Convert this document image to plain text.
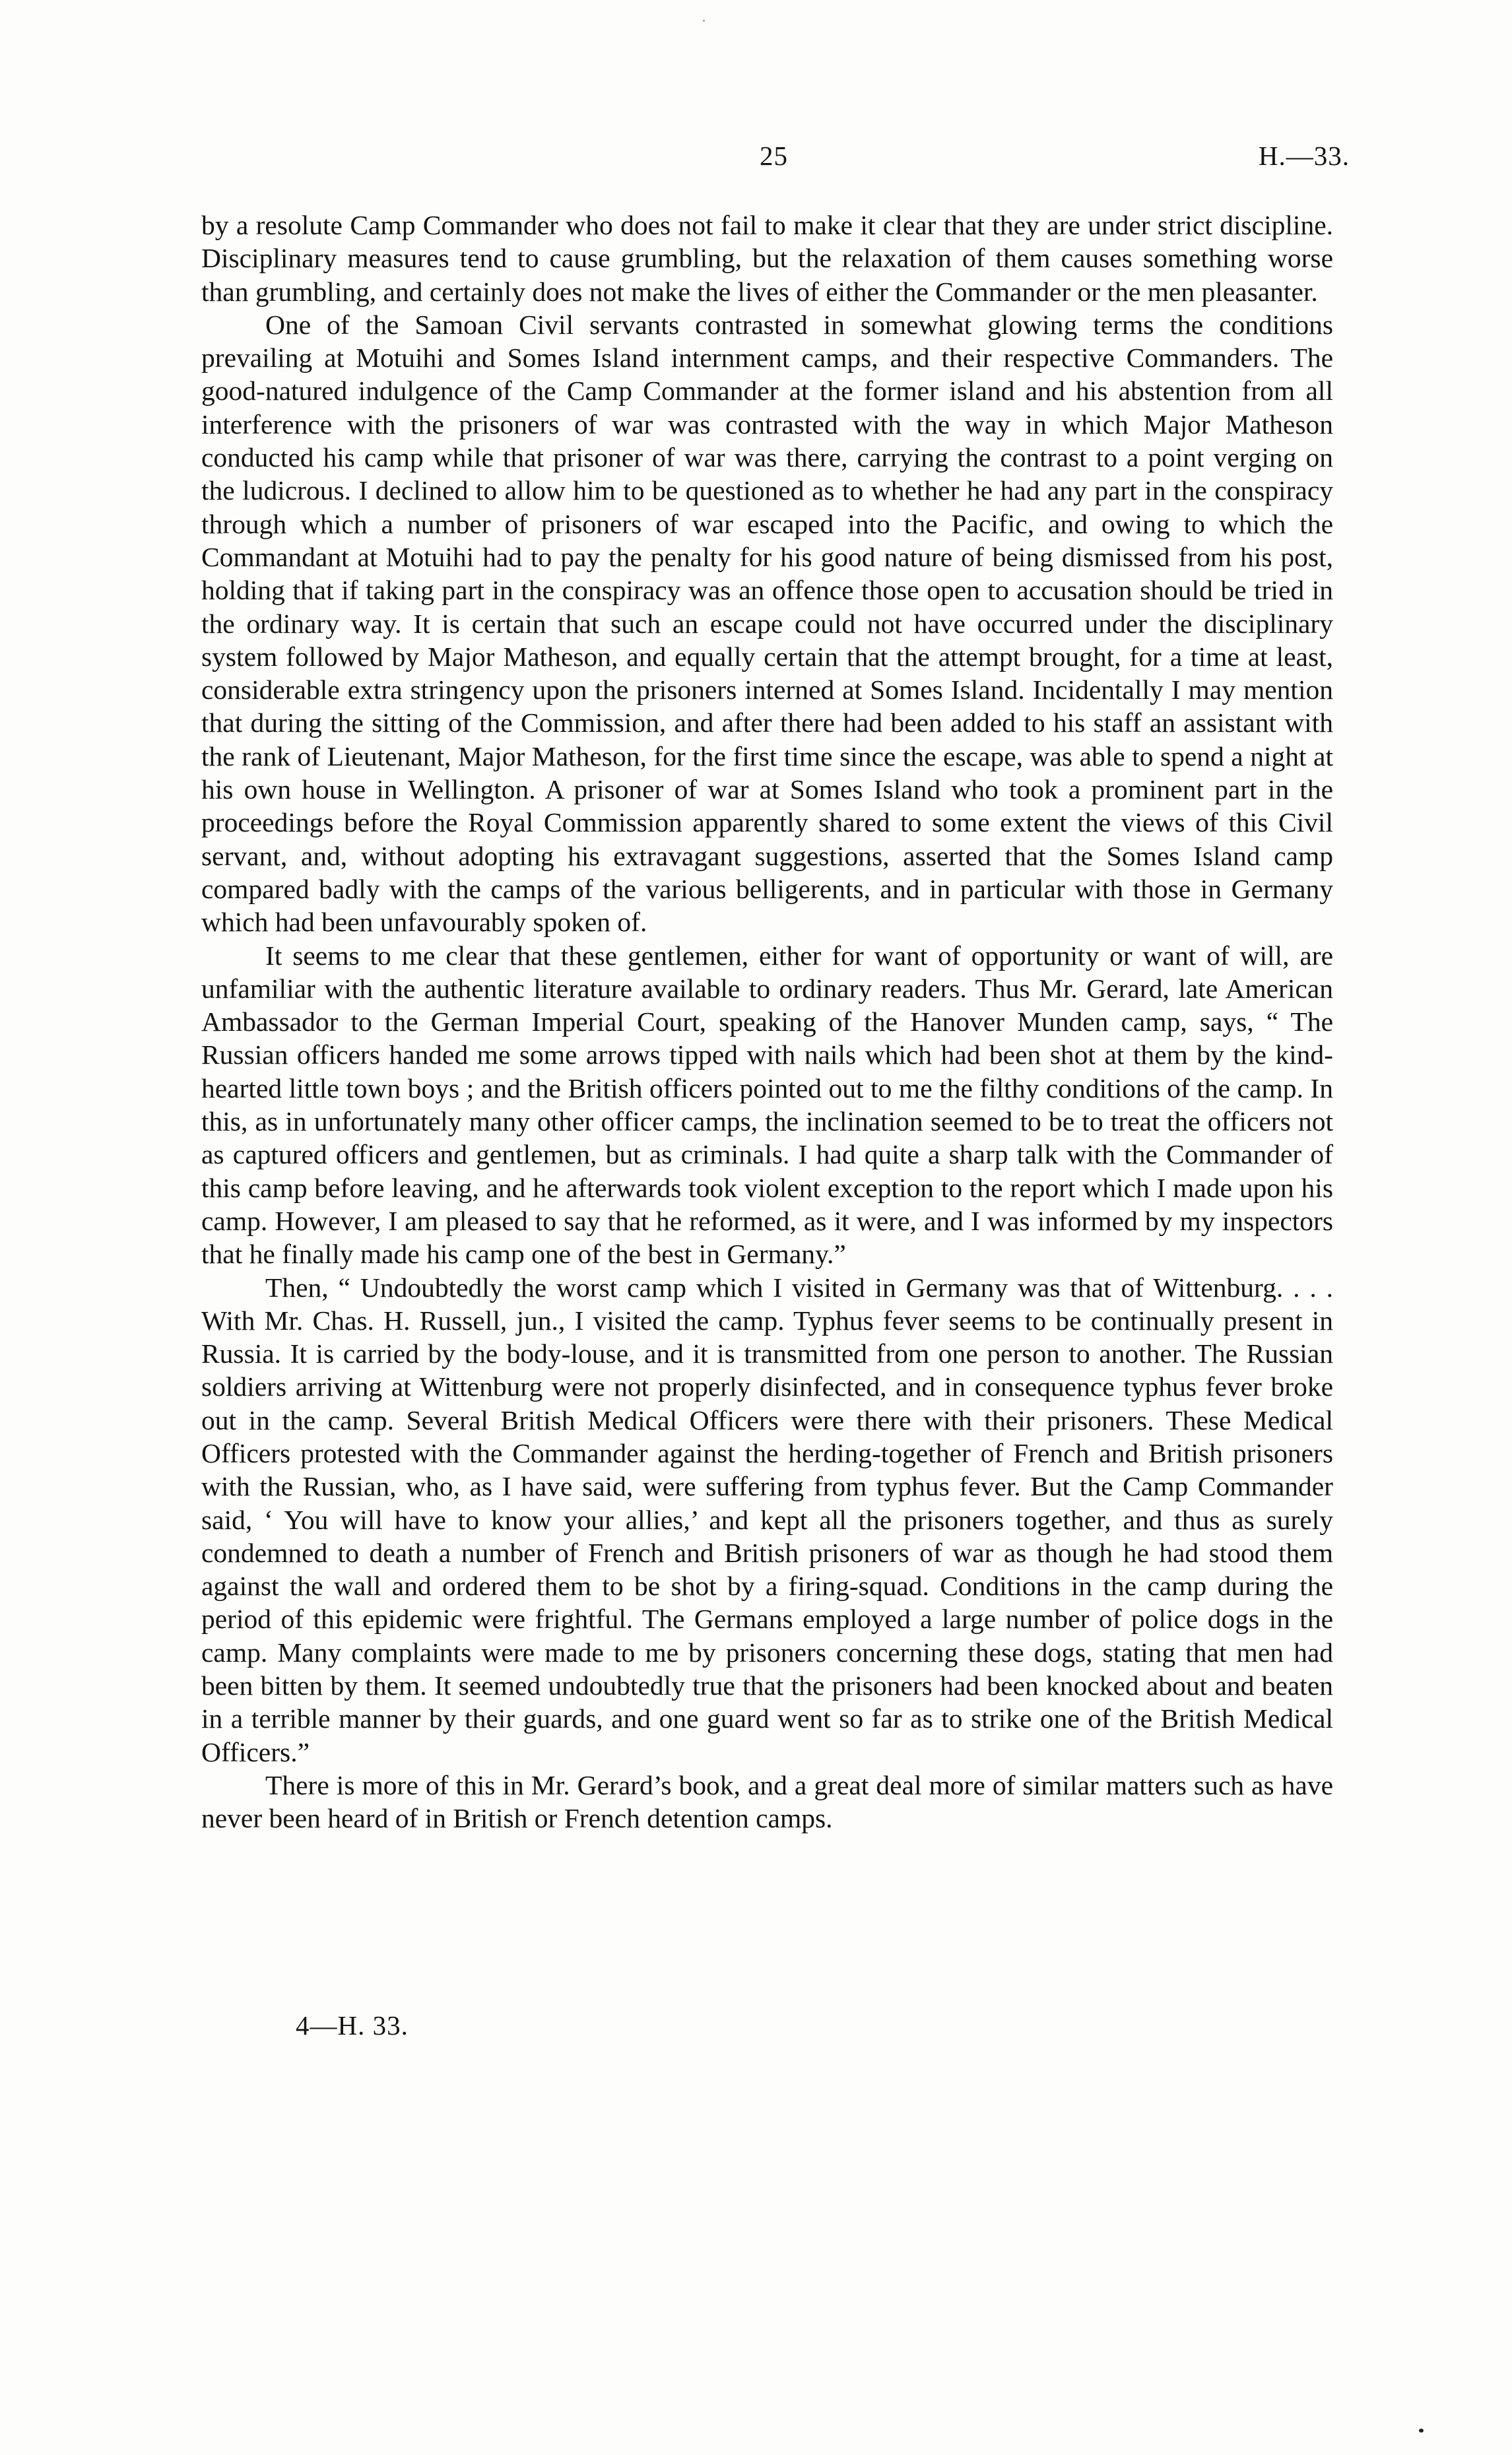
25	H.—33.

by a resolute Camp Commander who does not fail to make it clear that they are under strict discipline. Disciplinary measures tend to cause grumbling, but the relaxation of them causes something worse than grumbling, and certainly does not make the lives of either the Commander or the men pleasanter.

One of the Samoan Civil servants contrasted in somewhat glowing terms the conditions prevailing at Motuihi and Somes Island internment camps, and their respective Commanders. The good-natured indulgence of the Camp Commander at the former island and his abstention from all interference with the prisoners of war was contrasted with the way in which Major Matheson conducted his camp while that prisoner of war was there, carrying the contrast to a point verging on the ludicrous. I declined to allow him to be questioned as to whether he had any part in the conspiracy through which a number of prisoners of war escaped into the Pacific, and owing to which the Commandant at Motuihi had to pay the penalty for his good nature of being dismissed from his post, holding that if taking part in the conspiracy was an offence those open to accusation should be tried in the ordinary way. It is certain that such an escape could not have occurred under the disciplinary system followed by Major Matheson, and equally certain that the attempt brought, for a time at least, considerable extra stringency upon the prisoners interned at Somes Island. Incidentally I may mention that during the sitting of the Commission, and after there had been added to his staff an assistant with the rank of Lieutenant, Major Matheson, for the first time since the escape, was able to spend a night at his own house in Wellington. A prisoner of war at Somes Island who took a prominent part in the proceedings before the Royal Commission apparently shared to some extent the views of this Civil servant, and, without adopting his extravagant suggestions, asserted that the Somes Island camp compared badly with the camps of the various belligerents, and in particular with those in Germany which had been unfavourably spoken of.

It seems to me clear that these gentlemen, either for want of opportunity or want of will, are unfamiliar with the authentic literature available to ordinary readers. Thus Mr. Gerard, late American Ambassador to the German Imperial Court, speaking of the Hanover Munden camp, says, “ The Russian officers handed me some arrows tipped with nails which had been shot at them by the kind-hearted little town boys ; and the British officers pointed out to me the filthy conditions of the camp. In this, as in unfortunately many other officer camps, the inclination seemed to be to treat the officers not as captured officers and gentlemen, but as criminals. I had quite a sharp talk with the Commander of this camp before leaving, and he afterwards took violent exception to the report which I made upon his camp. However, I am pleased to say that he reformed, as it were, and I was informed by my inspectors that he finally made his camp one of the best in Germany.”

Then, “ Undoubtedly the worst camp which I visited in Germany was that of Wittenburg. . . . With Mr. Chas. H. Russell, jun., I visited the camp. Typhus fever seems to be continually present in Russia. It is carried by the body-louse, and it is transmitted from one person to another. The Russian soldiers arriving at Wittenburg were not properly disinfected, and in consequence typhus fever broke out in the camp. Several British Medical Officers were there with their prisoners. These Medical Officers protested with the Commander against the herding-together of French and British prisoners with the Russian, who, as I have said, were suffering from typhus fever. But the Camp Commander said, ‘ You will have to know your allies,’ and kept all the prisoners together, and thus as surely condemned to death a number of French and British prisoners of war as though he had stood them against the wall and ordered them to be shot by a firing-squad. Conditions in the camp during the period of this epidemic were frightful. The Germans employed a large number of police dogs in the camp. Many complaints were made to me by prisoners concerning these dogs, stating that men had been bitten by them. It seemed undoubtedly true that the prisoners had been knocked about and beaten in a terrible manner by their guards, and one guard went so far as to strike one of the British Medical Officers.”

There is more of this in Mr. Gerard’s book, and a great deal more of similar matters such as have never been heard of in British or French detention camps.

4—H. 33.
